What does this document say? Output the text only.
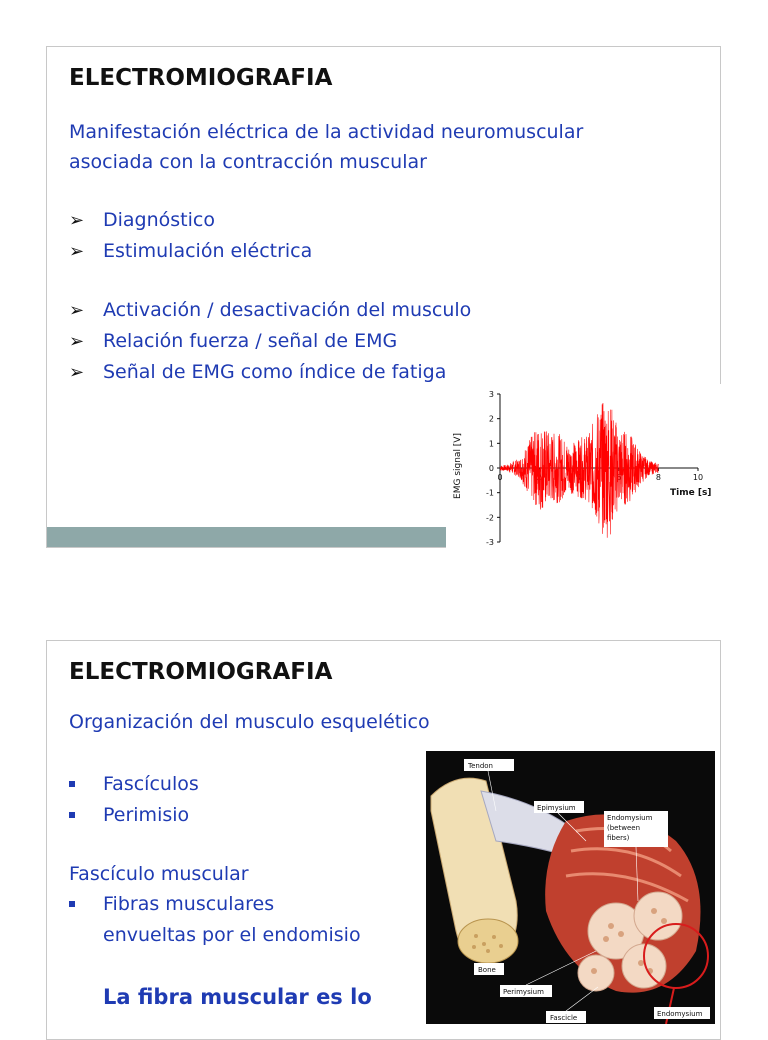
ELECTROMIOGRAFIA
Manifestación eléctrica de la actividad neuromuscular
asociada con la contracción muscular
➢ Diagnóstico
➢ Estimulación eléctrica
➢ Activación / desactivación del musculo
➢ Relación fuerza / señal de EMG
➢ Señal de EMG como índice de fatiga
3
2
1
0
-1
-2
-3
0	2	4	6	8	10
EMG signal [V]	Time [s]
ELECTROMIOGRAFIA
Organización del musculo esquelético
Fascículos
Perimisio
Fascículo muscular
Fibras musculares
envueltas por el endomisio
La fibra muscular es lo
Tendon
Epimysium
Endomysium
(between
fibers)
Bone
Perimysium
Fascicle	Endomysium
